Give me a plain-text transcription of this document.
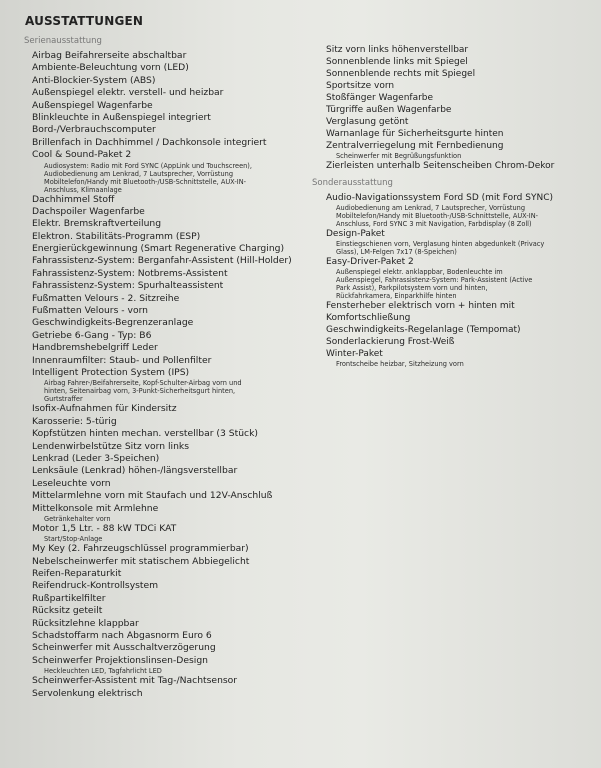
AUSSTATTUNGEN
Serienausstattung
Airbag Beifahrerseite abschaltbar
Ambiente-Beleuchtung vorn (LED)
Anti-Blockier-System (ABS)
Außenspiegel elektr. verstell- und heizbar
Außenspiegel Wagenfarbe
Blinkleuchte in Außenspiegel integriert
Bord-/Verbrauchscomputer
Brillenfach in Dachhimmel / Dachkonsole integriert
Cool & Sound-Paket 2
Audiosystem: Radio mit Ford SYNC (AppLink und Touchscreen),
Audiobedienung am Lenkrad, 7 Lautsprecher, Vorrüstung
Mobiltelefon/Handy mit Bluetooth-/USB-Schnittstelle, AUX-IN-
Anschluss, Klimaanlage
Dachhimmel Stoff
Dachspoiler Wagenfarbe
Elektr. Bremskraftverteilung
Elektron. Stabilitäts-Programm (ESP)
Energierückgewinnung (Smart Regenerative Charging)
Fahrassistenz-System: Berganfahr-Assistent (Hill-Holder)
Fahrassistenz-System: Notbrems-Assistent
Fahrassistenz-System: Spurhalteassistent
Fußmatten Velours - 2. Sitzreihe
Fußmatten Velours - vorn
Geschwindigkeits-Begrenzeranlage
Getriebe 6-Gang - Typ: B6
Handbremshebelgriff Leder
Innenraumfilter: Staub- und Pollenfilter
Intelligent Protection System (IPS)
Airbag Fahrer-/Beifahrerseite, Kopf-Schulter-Airbag vorn und
hinten, Seitenairbag vorn, 3-Punkt-Sicherheitsgurt hinten,
Gurtstraffer
Isofix-Aufnahmen für Kindersitz
Karosserie: 5-türig
Kopfstützen hinten mechan. verstellbar (3 Stück)
Lendenwirbelstütze Sitz vorn links
Lenkrad (Leder 3-Speichen)
Lenksäule (Lenkrad) höhen-/längsverstellbar
Leseleuchte vorn
Mittelarmlehne vorn mit Staufach und 12V-Anschluß
Mittelkonsole mit Armlehne
Getränkehalter vorn
Motor 1,5 Ltr. - 88 kW TDCi KAT
Start/Stop-Anlage
My Key (2. Fahrzeugschlüssel programmierbar)
Nebelscheinwerfer mit statischem Abbiegelicht
Reifen-Reparaturkit
Reifendruck-Kontrollsystem
Rußpartikelfilter
Rücksitz geteilt
Rücksitzlehne klappbar
Schadstoffarm nach Abgasnorm Euro 6
Scheinwerfer mit Ausschaltverzögerung
Scheinwerfer Projektionslinsen-Design
Heckleuchten LED, Tagfahrlicht LED
Scheinwerfer-Assistent mit Tag-/Nachtsensor
Servolenkung elektrisch
Sitz vorn links höhenverstellbar
Sonnenblende links mit Spiegel
Sonnenblende rechts mit Spiegel
Sportsitze vorn
Stoßfänger Wagenfarbe
Türgriffe außen Wagenfarbe
Verglasung getönt
Warnanlage für Sicherheitsgurte hinten
Zentralverriegelung mit Fernbedienung
Scheinwerfer mit Begrüßungsfunktion
Zierleisten unterhalb Seitenscheiben Chrom-Dekor
Sonderausstattung
Audio-Navigationssystem Ford SD (mit Ford SYNC)
Audiobedienung am Lenkrad, 7 Lautsprecher, Vorrüstung
Mobiltelefon/Handy mit Bluetooth-/USB-Schnittstelle, AUX-IN-
Anschluss, Ford SYNC 3 mit Navigation, Farbdisplay (8 Zoll)
Design-Paket
Einstiegschienen vorn, Verglasung hinten abgedunkelt (Privacy
Glass), LM-Felgen 7x17 (8-Speichen)
Easy-Driver-Paket 2
Außenspiegel elektr. anklappbar, Bodenleuchte im
Außenspiegel, Fahrassistenz-System: Park-Assistent (Active
Park Assist), Parkpilotsystem vorn und hinten,
Rückfahrkamera, Einparkhilfe hinten
Fensterheber elektrisch vorn + hinten mit
Komfortschließung
Geschwindigkeits-Regelanlage (Tempomat)
Sonderlackierung Frost-Weiß
Winter-Paket
Frontscheibe heizbar, Sitzheizung vorn
